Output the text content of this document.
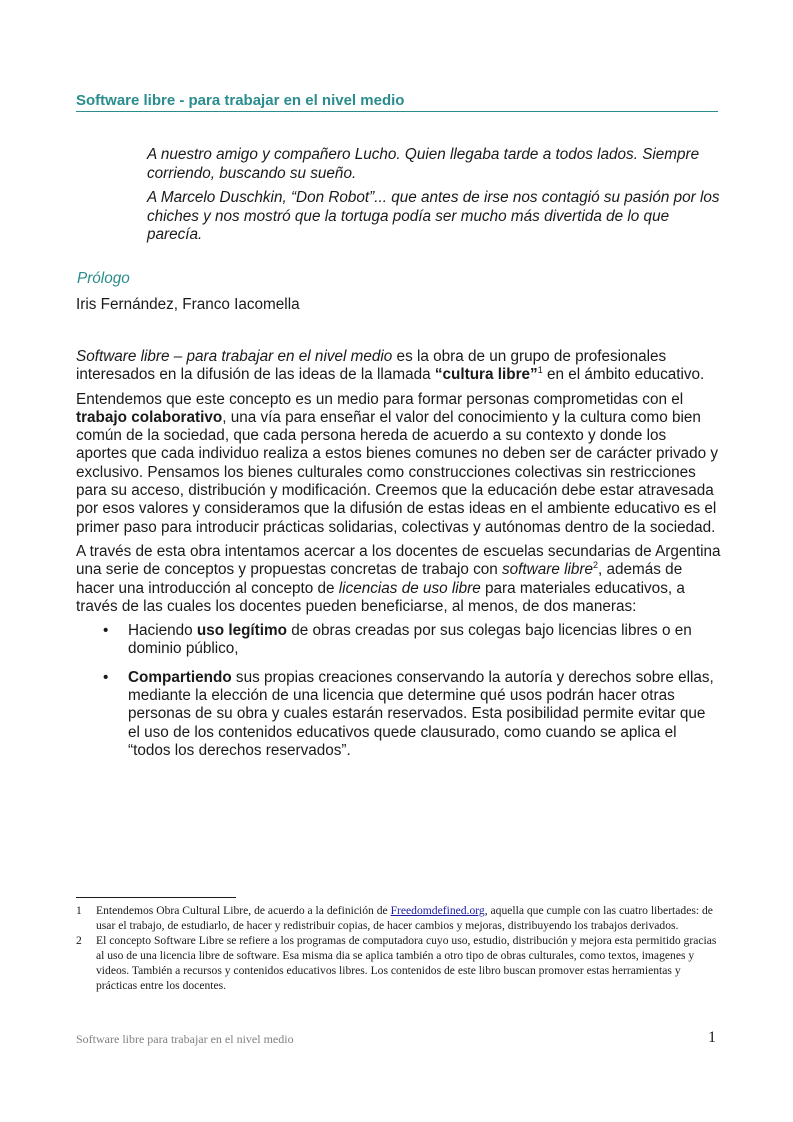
Software libre - para trabajar en el nivel medio

A nuestro amigo y compañero Lucho. Quien llegaba tarde a todos lados. Siempre corriendo, buscando su sueño.

A Marcelo Duschkin, “Don Robot”... que antes de irse nos contagió su pasión por los chiches y nos mostró que la tortuga podía ser mucho más divertida de lo que parecía.

Prólogo
Iris Fernández, Franco Iacomella

Software libre – para trabajar en el nivel medio es la obra de un grupo de profesionales interesados en la difusión de las ideas de la llamada “cultura libre”$^1$ en el ámbito educativo.

Entendemos que este concepto es un medio para formar personas comprometidas con el trabajo colaborativo, una vía para enseñar el valor del conocimiento y la cultura como bien común de la sociedad, que cada persona hereda de acuerdo a su contexto y donde los aportes que cada individuo realiza a estos bienes comunes no deben ser de carácter privado y exclusivo. Pensamos los bienes culturales como construcciones colectivas sin restricciones para su acceso, distribución y modificación. Creemos que la educación debe estar atravesada por esos valores y consideramos que la difusión de estas ideas en el ambiente educativo es el primer paso para introducir prácticas solidarias, colectivas y autónomas dentro de la sociedad.

A través de esta obra intentamos acercar a los docentes de escuelas secundarias de Argentina una serie de conceptos y propuestas concretas de trabajo con software libre$^2$, además de hacer una introducción al concepto de licencias de uso libre para materiales educativos, a través de las cuales los docentes pueden beneficiarse, al menos, de dos maneras:

• Haciendo uso legítimo de obras creadas por sus colegas bajo licencias libres o en dominio público,
• Compartiendo sus propias creaciones conservando la autoría y derechos sobre ellas, mediante la elección de una licencia que determine qué usos podrán hacer otras personas de su obra y cuales estarán reservados. Esta posibilidad permite evitar que el uso de los contenidos educativos quede clausurado, como cuando se aplica el “todos los derechos reservados”.
1 Entendemos Obra Cultural Libre, de acuerdo a la definición de Freedomdefined.org, aquella que cumple con las cuatro libertades: de usar el trabajo, de estudiarlo, de hacer y redistribuir copias, de hacer cambios y mejoras, distribuyendo los trabajos derivados.
2 El concepto Software Libre se refiere a los programas de computadora cuyo uso, estudio, distribución y mejora esta permitido gracias al uso de una licencia libre de software. Esa misma dia se aplica también a otro tipo de obras culturales, como textos, imagenes y videos. También a recursos y contenidos educativos libres. Los contenidos de este libro buscan promover estas herramientas y prácticas entre los docentes.
Software libre para trabajar en el nivel medio	1
